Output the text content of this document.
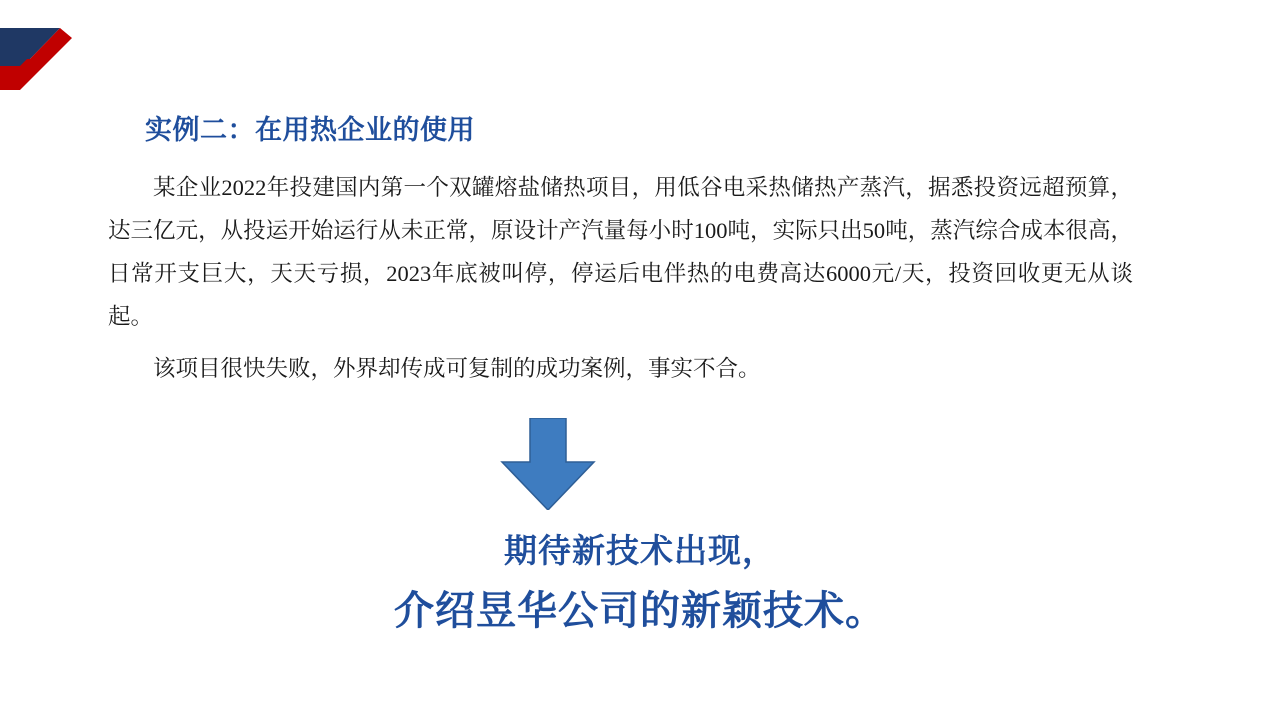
实例二：在用热企业的使用

某企业2022年投建国内第一个双罐熔盐储热项目，用低谷电采热储热产蒸汽，据悉投资远超预算，达三亿元，从投运开始运行从未正常，原设计产汽量每小时100吨，实际只出50吨，蒸汽综合成本很高，日常开支巨大，天天亏损，2023年底被叫停，停运后电伴热的电费高达6000元/天，投资回收更无从谈起。

该项目很快失败，外界却传成可复制的成功案例，事实不合。

期待新技术出现，
介绍昱华公司的新颖技术。
